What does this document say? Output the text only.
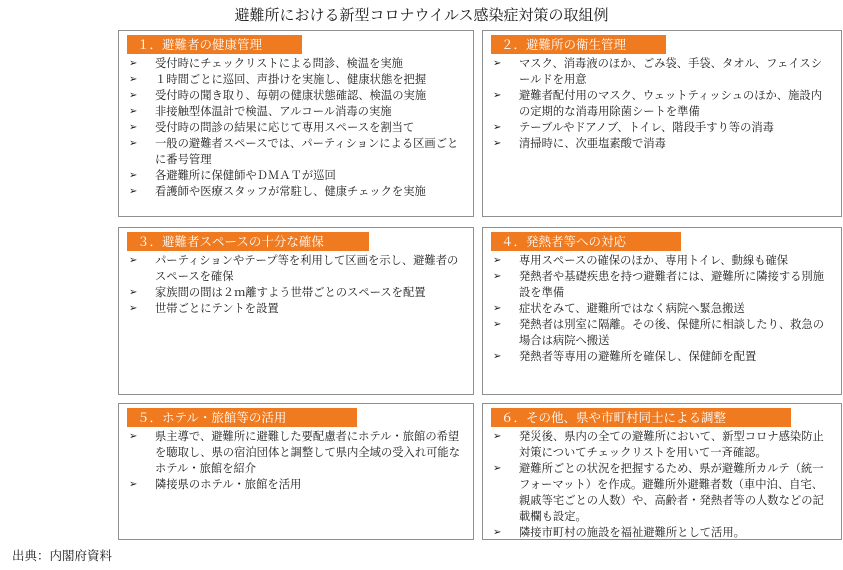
避難所における新型コロナウイルス感染症対策の取組例
１．避難者の健康管理
➢	受付時にチェックリストによる問診、検温を実施
➢	１時間ごとに巡回、声掛けを実施し、健康状態を把握
➢	受付時の聞き取り、毎朝の健康状態確認、検温の実施
➢	非接触型体温計で検温、アルコール消毒の実施
➢	受付時の問診の結果に応じて専用スペースを割当て
➢	一般の避難者スペースでは、パーティションによる区画ごとに番号管理
➢	各避難所に保健師やＤＭＡＴが巡回
➢	看護師や医療スタッフが常駐し、健康チェックを実施
２．避難所の衛生管理
➢	マスク、消毒液のほか、ごみ袋、手袋、タオル、フェイスシールドを用意
➢	避難者配付用のマスク、ウェットティッシュのほか、施設内の定期的な消毒用除菌シートを準備
➢	テーブルやドアノブ、トイレ、階段手すり等の消毒
➢	清掃時に、次亜塩素酸で消毒
３．避難者スペースの十分な確保
➢	パーティションやテープ等を利用して区画を示し、避難者のスペースを確保
➢	家族間の間は２ｍ離すよう世帯ごとのスペースを配置
➢	世帯ごとにテントを設置
４．発熱者等への対応
➢	専用スペースの確保のほか、専用トイレ、動線も確保
➢	発熱者や基礎疾患を持つ避難者には、避難所に隣接する別施設を準備
➢	症状をみて、避難所ではなく病院へ緊急搬送
➢	発熱者は別室に隔離。その後、保健所に相談したり、救急の場合は病院へ搬送
➢	発熱者等専用の避難所を確保し、保健師を配置
５．ホテル・旅館等の活用
➢	県主導で、避難所に避難した要配慮者にホテル・旅館の希望を聴取し、県の宿泊団体と調整して県内全域の受入れ可能なホテル・旅館を紹介
➢	隣接県のホテル・旅館を活用
６．その他、県や市町村同士による調整
➢	発災後、県内の全ての避難所において、新型コロナ感染防止対策についてチェックリストを用いて一斉確認。
➢	避難所ごとの状況を把握するため、県が避難所カルテ（統一フォーマット）を作成。避難所外避難者数（車中泊、自宅、親戚等宅ごとの人数）や、高齢者・発熱者等の人数などの記載欄も設定。
➢	隣接市町村の施設を福祉避難所として活用。
出典：内閣府資料
